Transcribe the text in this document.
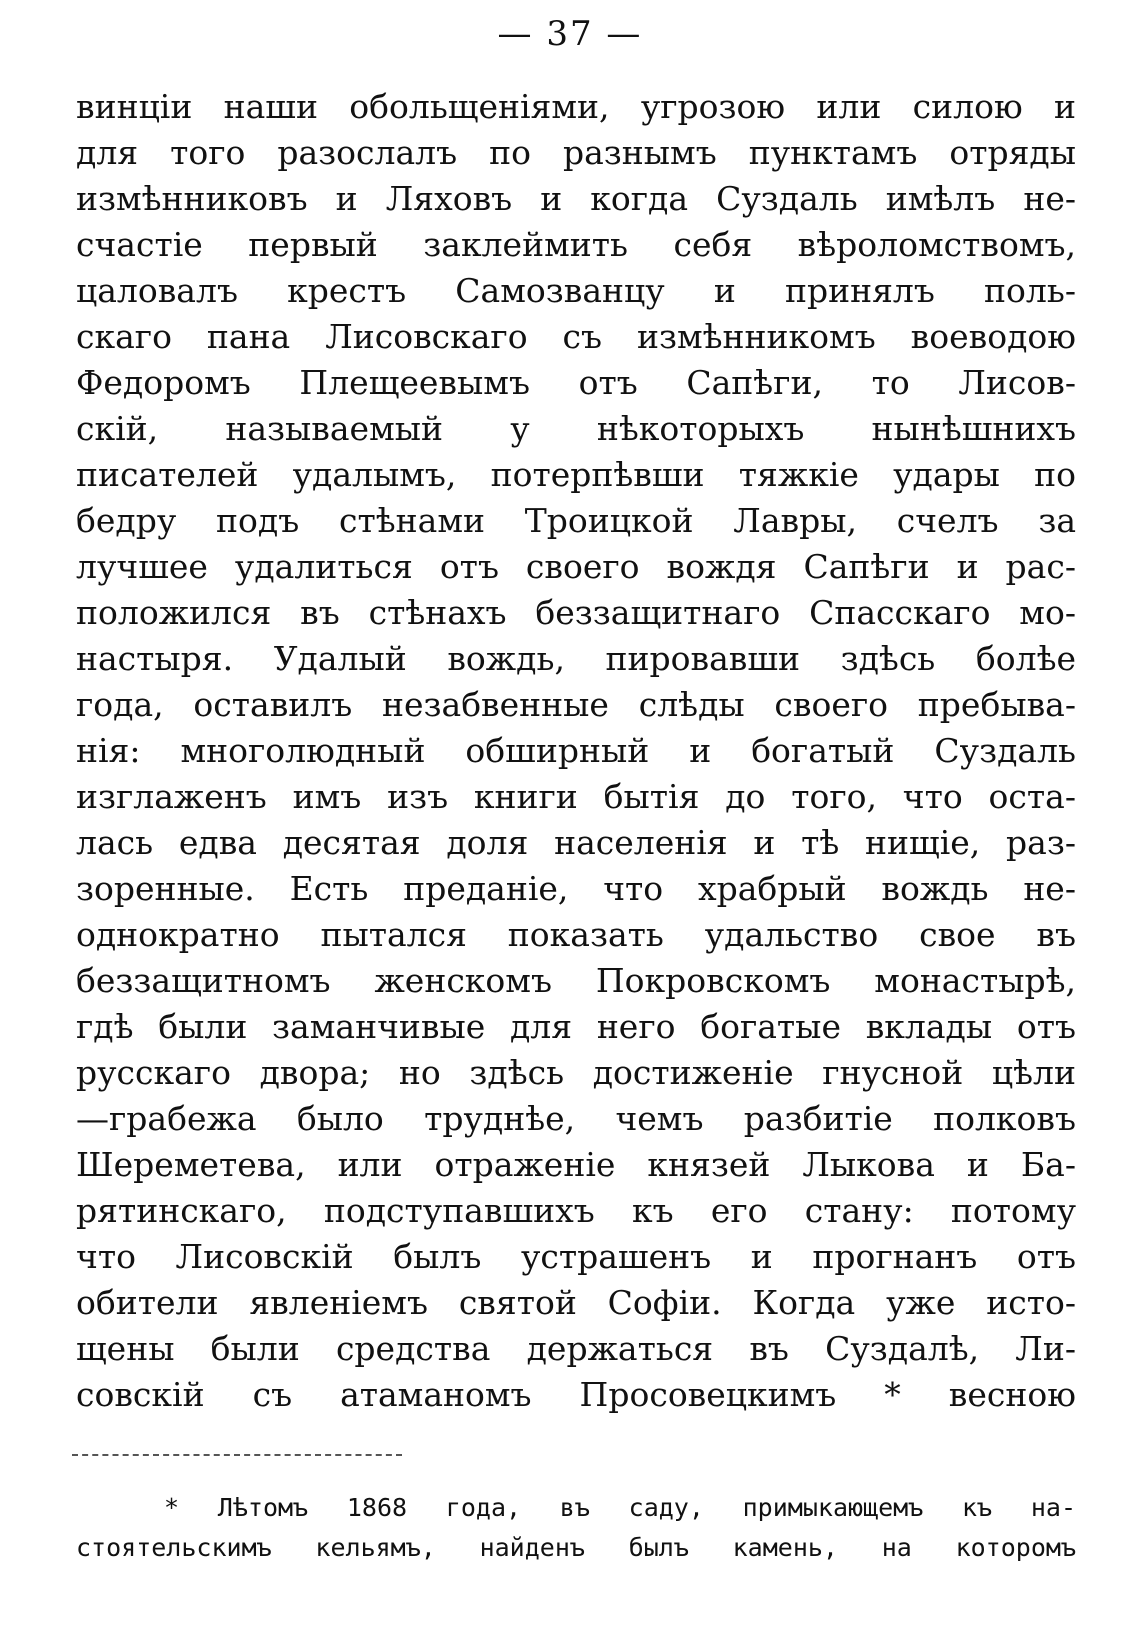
— 37 —
винціи наши обольщеніями, угрозою или силою и
для того разослалъ по разнымъ пунктамъ отряды
измѣнниковъ и Ляховъ и когда Суздаль имѣлъ не-
счастіе первый заклеймить себя вѣроломствомъ,
цаловалъ крестъ Самозванцу и принялъ поль-
скаго пана Лисовскаго съ измѣнникомъ воеводою
Федоромъ Плещеевымъ отъ Сапѣги, то Лисов-
скій, называемый у нѣкоторыхъ нынѣшнихъ
писателей удалымъ, потерпѣвши тяжкіе удары по
бедру подъ стѣнами Троицкой Лавры, счелъ за
лучшее удалиться отъ своего вождя Сапѣги и рас-
положился въ стѣнахъ беззащитнаго Спасскаго мо-
настыря. Удалый вождь, пировавши здѣсь болѣе
года, оставилъ незабвенные слѣды своего пребыва-
нія: многолюдный обширный и богатый Суздаль
изглаженъ имъ изъ книги бытія до того, что оста-
лась едва десятая доля населенія и тѣ нищіе, раз-
зоренные. Есть преданіе, что храбрый вождь не-
однократно пытался показать удальство свое въ
беззащитномъ женскомъ Покровскомъ монастырѣ,
гдѣ были заманчивые для него богатые вклады отъ
русскаго двора; но здѣсь достиженіе гнусной цѣли
—грабежа было труднѣе, чемъ разбитіе полковъ
Шереметева, или отраженіе князей Лыкова и Ба-
рятинскаго, подступавшихъ къ его стану: потому
что Лисовскій былъ устрашенъ и прогнанъ отъ
обители явленіемъ святой Софіи. Когда уже исто-
щены были средства держаться въ Суздалѣ, Ли-
совскій съ атаманомъ Просовецкимъ * весною
* Лѣтомъ 1868 года, въ саду, примыкающемъ къ на-
стоятельскимъ кельямъ, найденъ былъ камень, на которомъ
